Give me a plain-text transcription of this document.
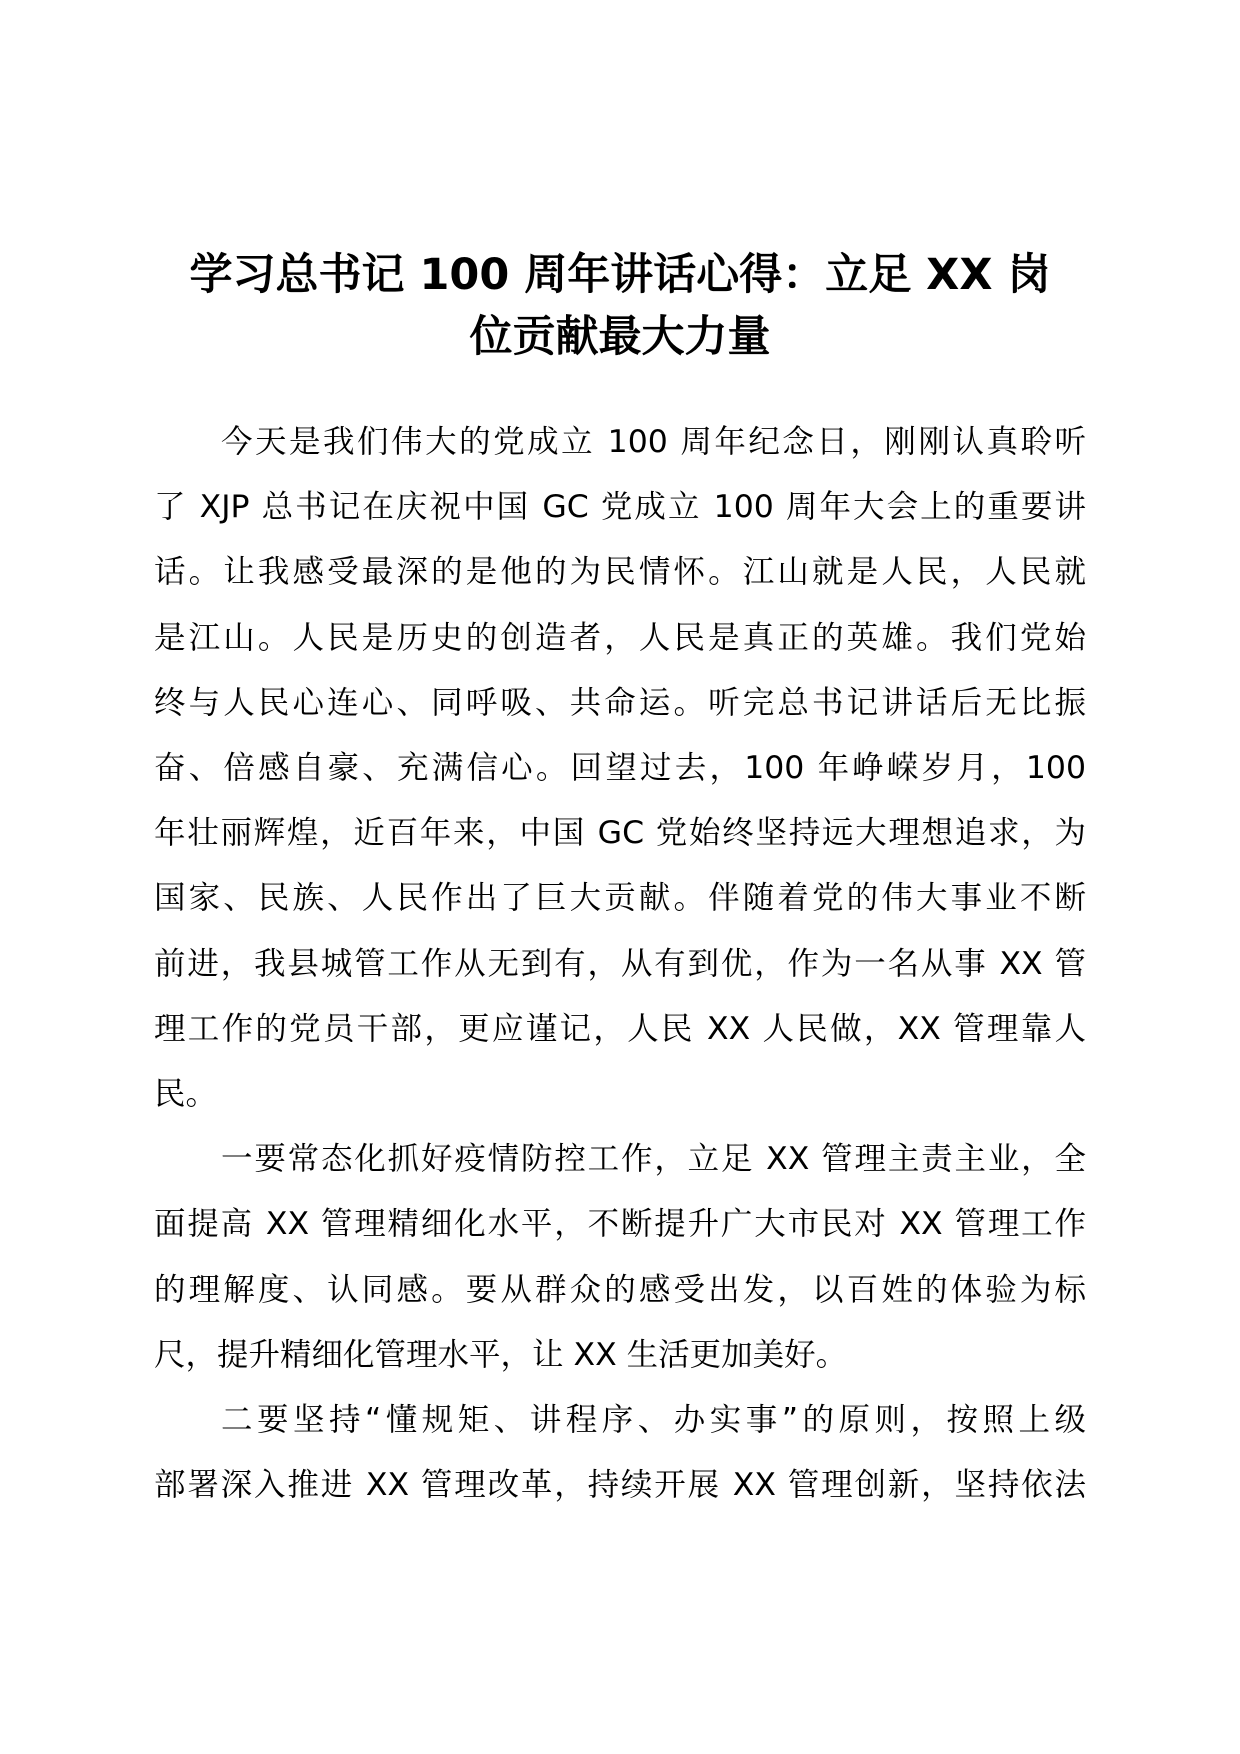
学习总书记 100 周年讲话心得：立足 XX 岗
位贡献最大力量

今天是我们伟大的党成立 100 周年纪念日，刚刚认真聆听
了 XJP 总书记在庆祝中国 GC 党成立 100 周年大会上的重要讲
话。让我感受最深的是他的为民情怀。江山就是人民，人民就
是江山。人民是历史的创造者，人民是真正的英雄。我们党始
终与人民心连心、同呼吸、共命运。听完总书记讲话后无比振
奋、倍感自豪、充满信心。回望过去，100 年峥嵘岁月，100
年壮丽辉煌，近百年来，中国 GC 党始终坚持远大理想追求，为
国家、民族、人民作出了巨大贡献。伴随着党的伟大事业不断
前进，我县城管工作从无到有，从有到优，作为一名从事 XX 管
理工作的党员干部，更应谨记，人民 XX 人民做，XX 管理靠人
民。

一要常态化抓好疫情防控工作，立足 XX 管理主责主业，全
面提高 XX 管理精细化水平，不断提升广大市民对 XX 管理工作
的理解度、认同感。要从群众的感受出发，以百姓的体验为标
尺，提升精细化管理水平，让 XX 生活更加美好。

二要坚持“懂规矩、讲程序、办实事”的原则，按照上级
部署深入推进 XX 管理改革，持续开展 XX 管理创新，坚持依法
